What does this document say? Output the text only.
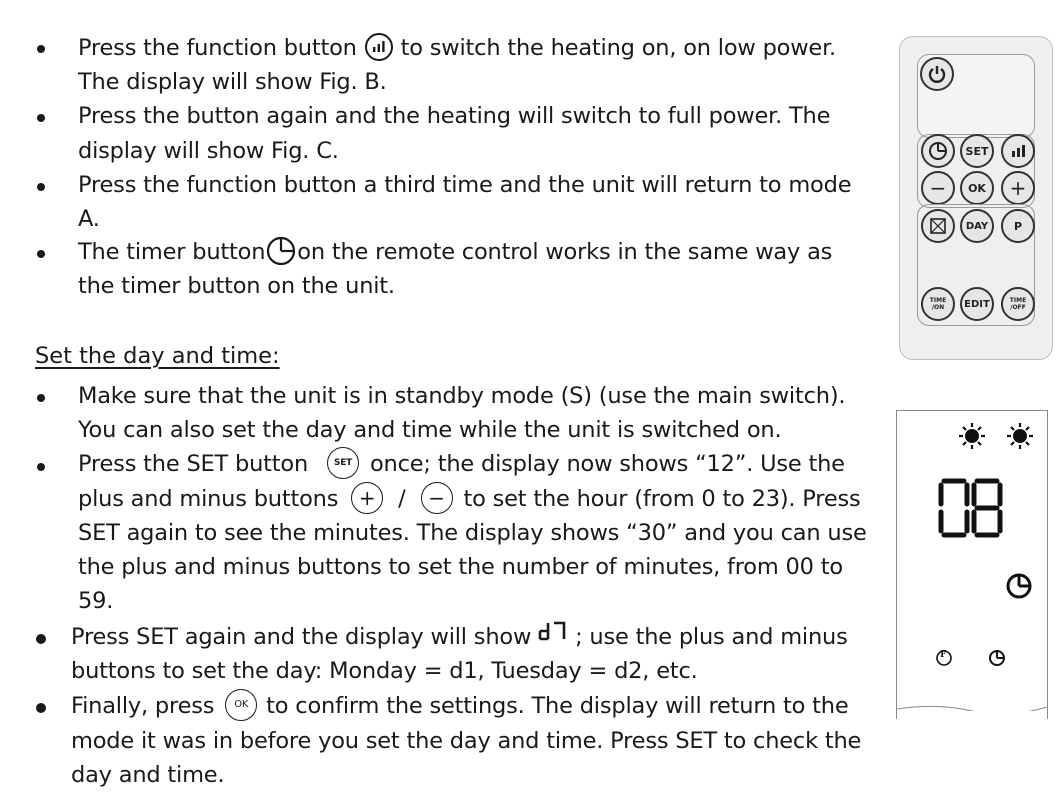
Press the function button
to switch the heating on, on low power.
The display will show Fig. B.
Press the button again and the heating will switch to full power. The
display will show Fig. C.
Press the function button a third time and the unit will return to mode
A.
The timer button on the remote control works in the same way as
the timer button on the unit.
Set the day and time:
Make sure that the unit is in standby mode (S) (use the main switch).
You can also set the day and time while the unit is switched on.
Press the SET button	SET once; the display now shows “12”. Use the
plus and minus buttons + / − to set the hour (from 0 to 23). Press
SET again to see the minutes. The display shows “30” and you can use
the plus and minus buttons to set the number of minutes, from 00 to
59.
Press SET again and the display will show ; use the plus and minus
buttons to set the day: Monday = d1, Tuesday = d2, etc.
Finally, press OK to confirm the settings. The display will return to the
mode it was in before you set the day and time. Press SET to check the
day and time.
SET
− OK +
DAY P
TIME /ON	EDIT	TIME /OFF
F
